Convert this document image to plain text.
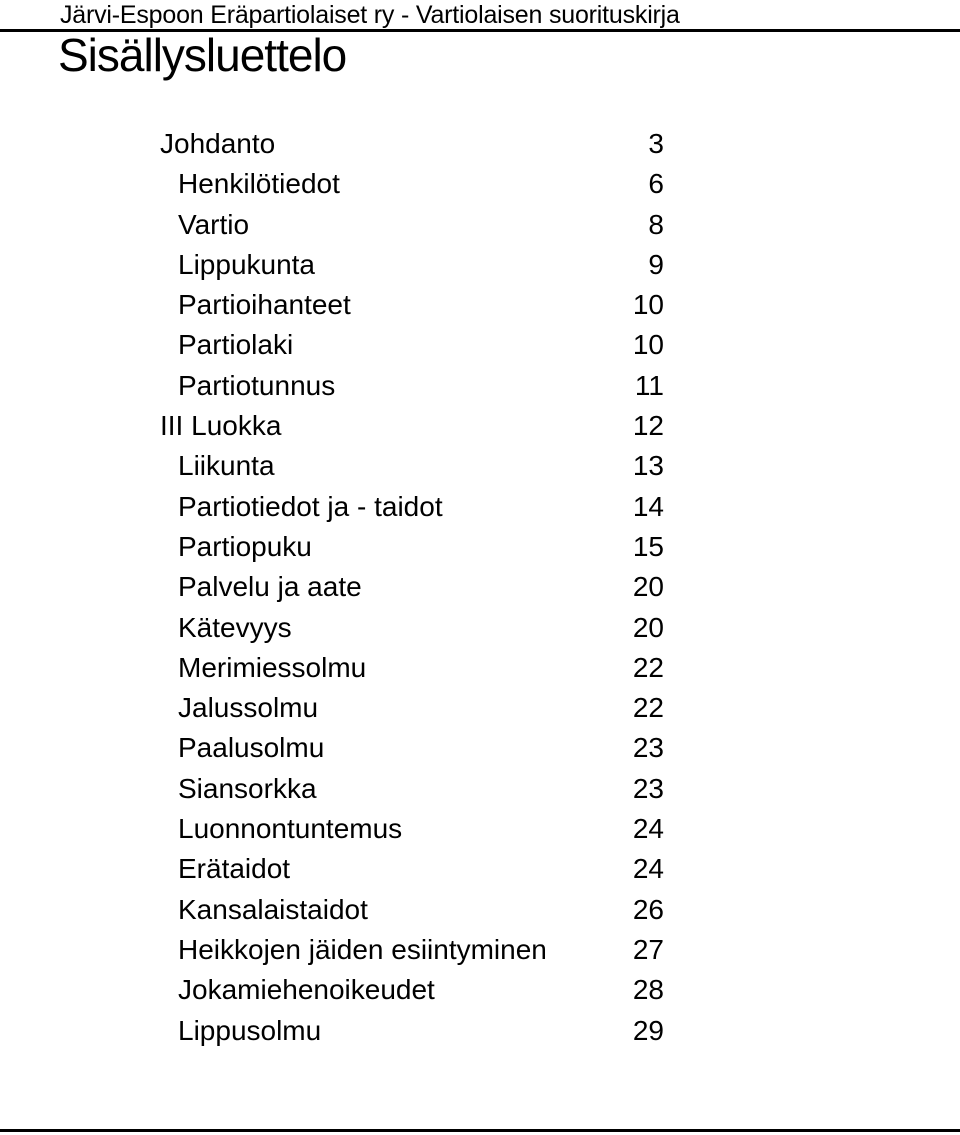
Järvi-Espoon Eräpartiolaiset ry - Vartiolaisen suorituskirja
Sisällysluettelo
Johdanto	3
Henkilötiedot	6
Vartio	8
Lippukunta	9
Partioihanteet	10
Partiolaki	10
Partiotunnus	11
III Luokka	12
Liikunta	13
Partiotiedot ja - taidot	14
Partiopuku	15
Palvelu ja aate	20
Kätevyys	20
Merimiessolmu	22
Jalussolmu	22
Paalusolmu	23
Siansorkka	23
Luonnontuntemus	24
Erätaidot	24
Kansalaistaidot	26
Heikkojen jäiden esiintyminen	27
Jokamiehenoikeudet	28
Lippusolmu	29
